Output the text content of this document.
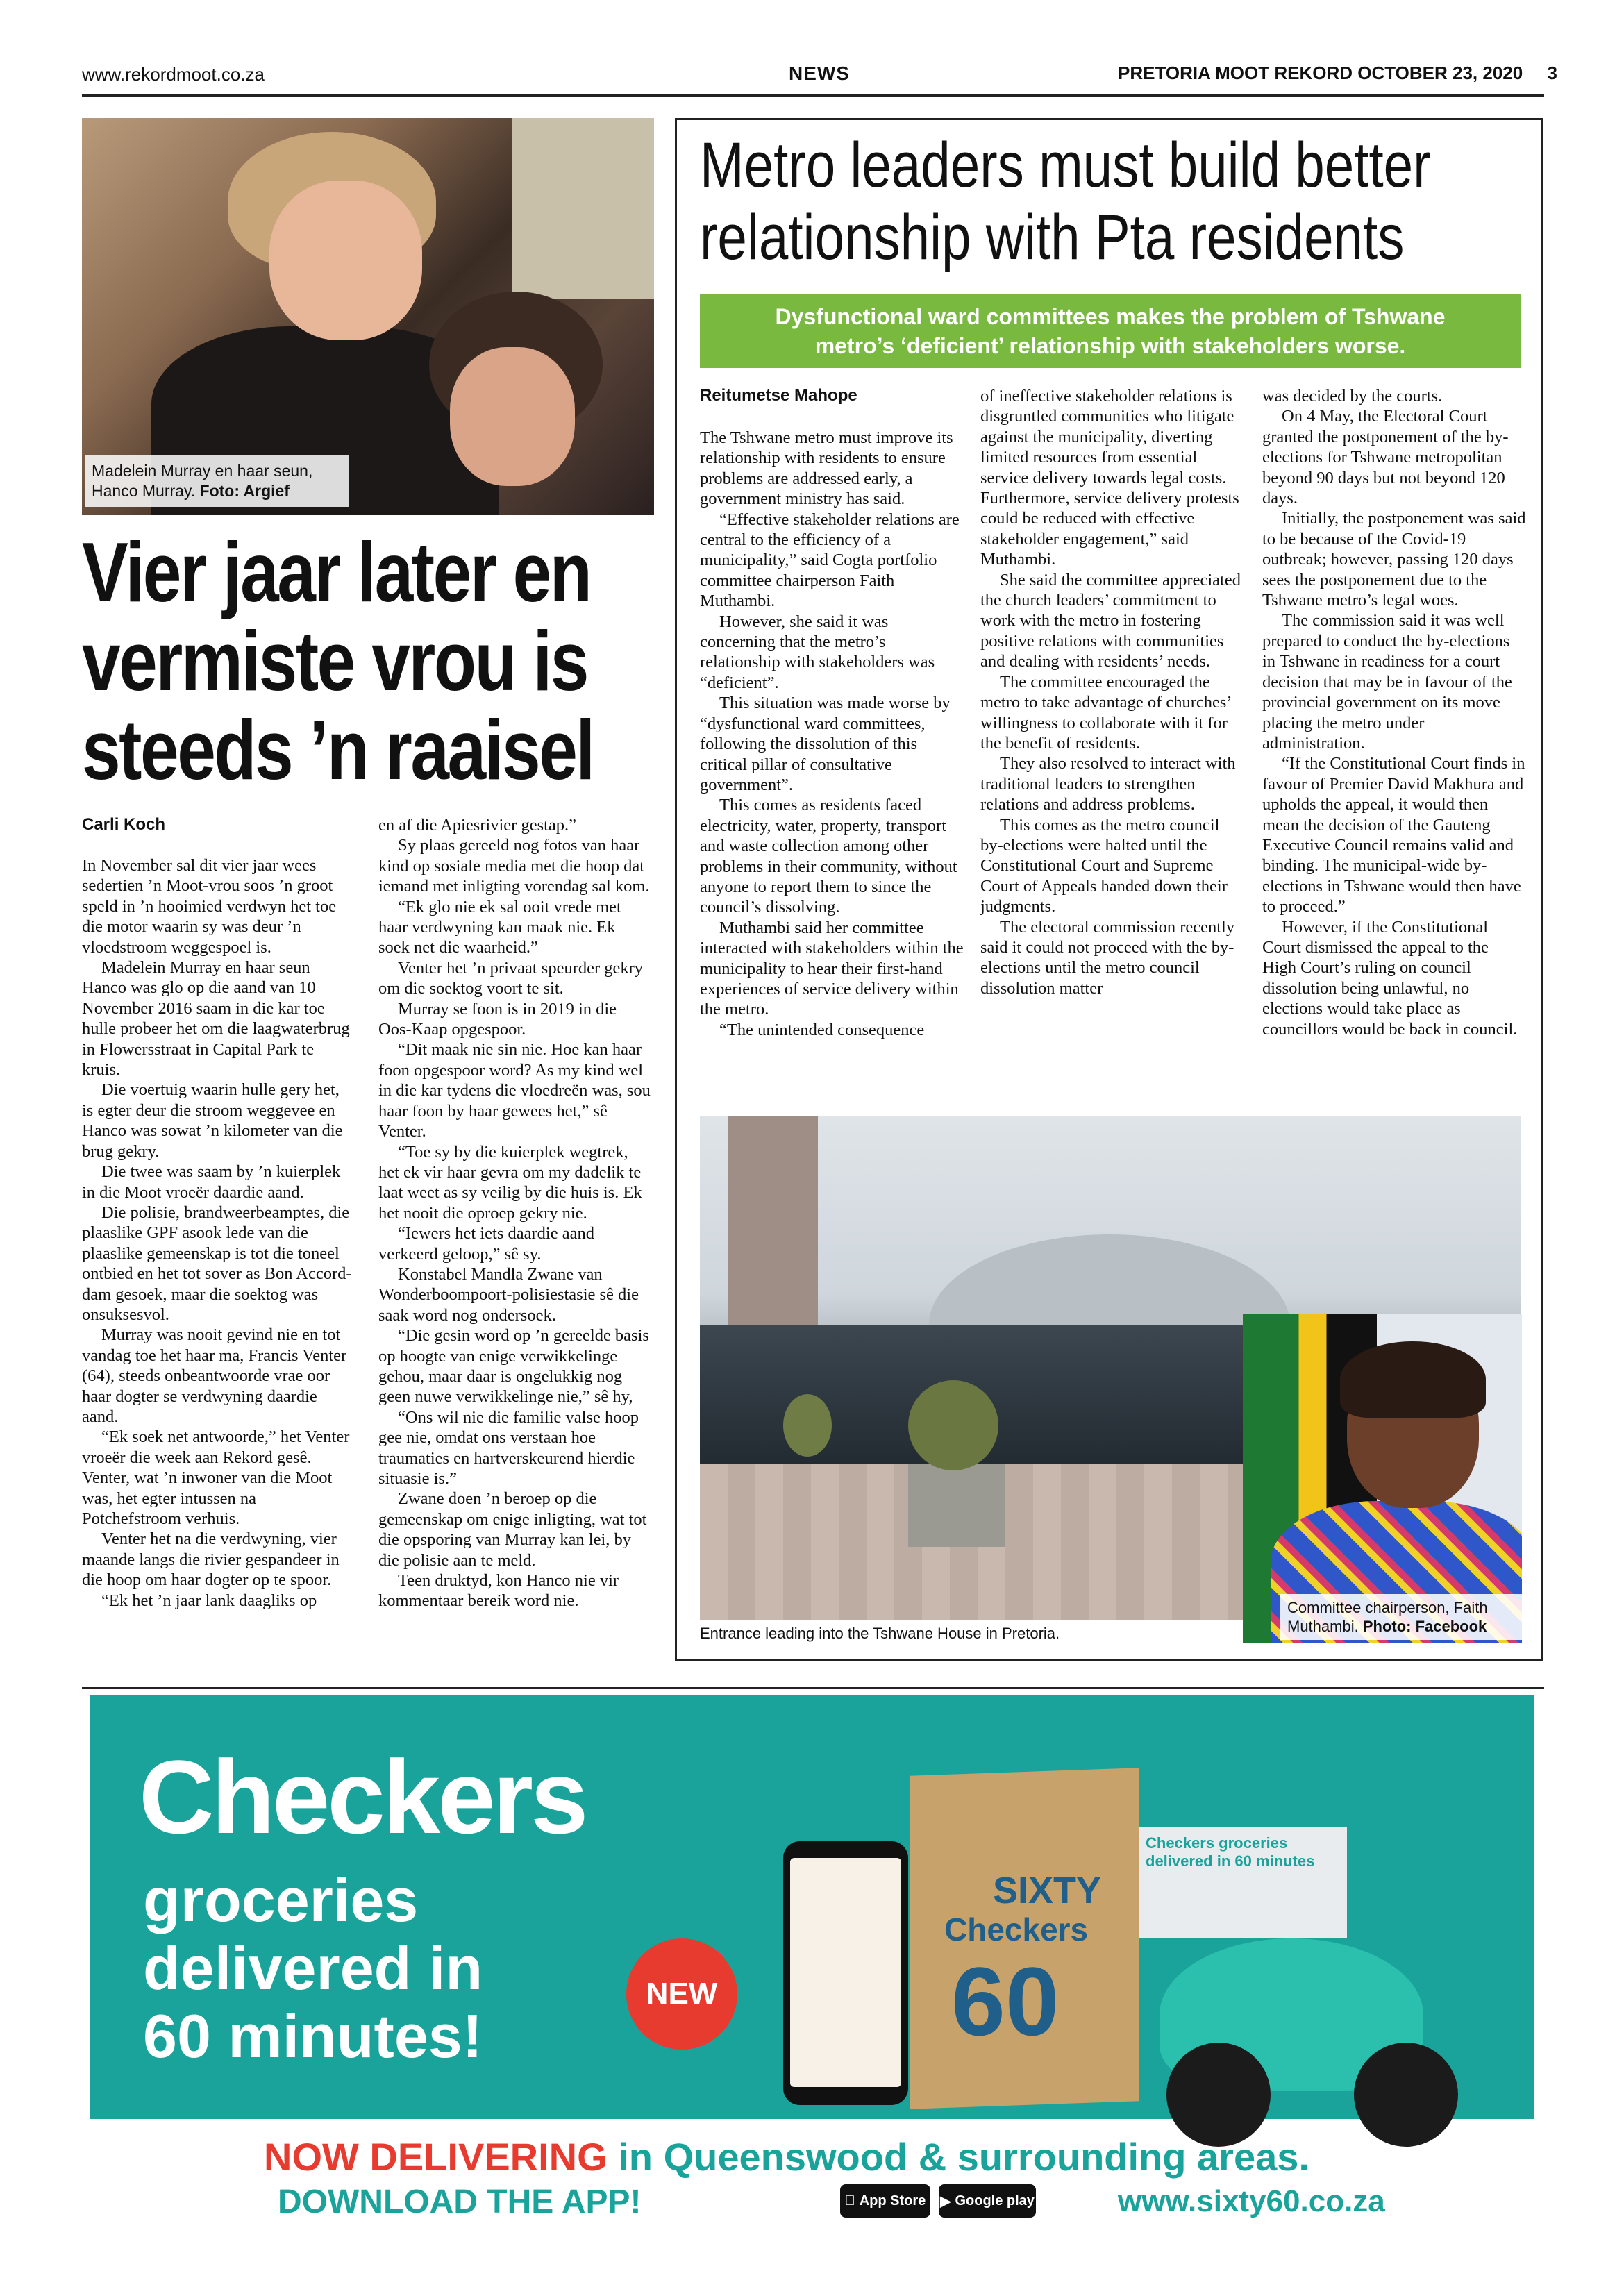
www.rekordmoot.co.za	NEWS	PRETORIA MOOT REKORD OCTOBER 23, 2020 3
Madelein Murray en haar seun, Hanco Murray. Foto: Argief
Vier jaar later en
vermiste vrou is
steeds ’n raaisel
Carli Koch

In November sal dit vier jaar wees sedertien ’n Moot-vrou soos ’n groot speld in ’n hooimied verdwyn het toe die motor waarin sy was deur ’n vloedstroom weggespoel is.

Madelein Murray en haar seun Hanco was glo op die aand van 10 November 2016 saam in die kar toe hulle probeer het om die laagwaterbrug in Flowersstraat in Capital Park te kruis.

Die voertuig waarin hulle gery het, is egter deur die stroom weggevee en Hanco was sowat ’n kilometer van die brug gekry.

Die twee was saam by ’n kuierplek in die Moot vroeër daardie aand.

Die polisie, brandweerbeamptes, die plaaslike GPF asook lede van die plaaslike gemeenskap is tot die toneel ontbied en het tot sover as Bon Accord-dam gesoek, maar die soektog was onsuksesvol.

Murray was nooit gevind nie en tot vandag toe het haar ma, Francis Venter (64), steeds onbeantwoorde vrae oor haar dogter se verdwyning daardie aand.

“Ek soek net antwoorde,” het Venter vroeër die week aan Rekord gesê. Venter, wat ’n inwoner van die Moot was, het egter intussen na Potchefstroom verhuis.

Venter het na die verdwyning, vier maande langs die rivier gespandeer in die hoop om haar dogter op te spoor.

“Ek het ’n jaar lank daagliks op

en af die Apiesrivier gestap.”

Sy plaas gereeld nog fotos van haar kind op sosiale media met die hoop dat iemand met inligting vorendag sal kom.

“Ek glo nie ek sal ooit vrede met haar verdwyning kan maak nie. Ek soek net die waarheid.”

Venter het ’n privaat speurder gekry om die soektog voort te sit.

Murray se foon is in 2019 in die Oos-Kaap opgespoor.

“Dit maak nie sin nie. Hoe kan haar foon opgespoor word? As my kind wel in die kar tydens die vloedreën was, sou haar foon by haar gewees het,” sê Venter.

“Toe sy by die kuierplek wegtrek, het ek vir haar gevra om my dadelik te laat weet as sy veilig by die huis is. Ek het nooit die oproep gekry nie.

“Iewers het iets daardie aand verkeerd geloop,” sê sy.

Konstabel Mandla Zwane van Wonderboompoort-polisiestasie sê die saak word nog ondersoek.

“Die gesin word op ’n gereelde basis op hoogte van enige verwikkelinge gehou, maar daar is ongelukkig nog geen nuwe verwikkelinge nie,” sê hy,

“Ons wil nie die familie valse hoop gee nie, omdat ons verstaan hoe traumaties en hartverskeurend hierdie situasie is.”

Zwane doen ’n beroep op die gemeenskap om enige inligting, wat tot die opsporing van Murray kan lei, by die polisie aan te meld.

Teen druktyd, kon Hanco nie vir kommentaar bereik word nie.

Metro leaders must build better
relationship with Pta residents
Dysfunctional ward committees makes the problem of Tshwane
metro’s ‘deficient’ relationship with stakeholders worse.
Reitumetse Mahope

The Tshwane metro must improve its relationship with residents to ensure problems are addressed early, a government ministry has said.

“Effective stakeholder relations are central to the efficiency of a municipality,” said Cogta portfolio committee chairperson Faith Muthambi.

However, she said it was concerning that the metro’s relationship with stakeholders was “deficient”.

This situation was made worse by “dysfunctional ward committees, following the dissolution of this critical pillar of consultative government”.

This comes as residents faced electricity, water, property, transport and waste collection among other problems in their community, without anyone to report them to since the council’s dissolving.

Muthambi said her committee interacted with stakeholders within the municipality to hear their first-hand experiences of service delivery within the metro.

“The unintended consequence

of ineffective stakeholder relations is disgruntled communities who litigate against the municipality, diverting limited resources from essential service delivery towards legal costs. Furthermore, service delivery protests could be reduced with effective stakeholder engagement,” said Muthambi.

She said the committee appreciated the church leaders’ commitment to work with the metro in fostering positive relations with communities and dealing with residents’ needs.

The committee encouraged the metro to take advantage of churches’ willingness to collaborate with it for the benefit of residents.

They also resolved to interact with traditional leaders to strengthen relations and address problems.

This comes as the metro council by-elections were halted until the Constitutional Court and Supreme Court of Appeals handed down their judgments.

The electoral commission recently said it could not proceed with the by-elections until the metro council dissolution matter

was decided by the courts.

On 4 May, the Electoral Court granted the postponement of the by-elections for Tshwane metropolitan beyond 90 days but not beyond 120 days.

Initially, the postponement was said to be because of the Covid-19 outbreak; however, passing 120 days sees the postponement due to the Tshwane metro’s legal woes.

The commission said it was well prepared to conduct the by-elections in Tshwane in readiness for a court decision that may be in favour of the provincial government on its move placing the metro under administration.

“If the Constitutional Court finds in favour of Premier David Makhura and upholds the appeal, it would then mean the decision of the Gauteng Executive Council remains valid and binding. The municipal-wide by-elections in Tshwane would then have to proceed.”

However, if the Constitutional Court dismissed the appeal to the High Court’s ruling on council dissolution being unlawful, no elections would take place as councillors would be back in council.

Entrance leading into the Tshwane House in Pretoria.
Committee chairperson, Faith Muthambi. Photo: Facebook
Checkers
groceries
delivered in
60 minutes!
NEW
Checkers
SIXTY
60
Checkers groceries delivered in 60 minutes
NOW DELIVERING in Queenswood & surrounding areas.
DOWNLOAD THE APP!	App Store ▶ Google play	www.sixty60.co.za
